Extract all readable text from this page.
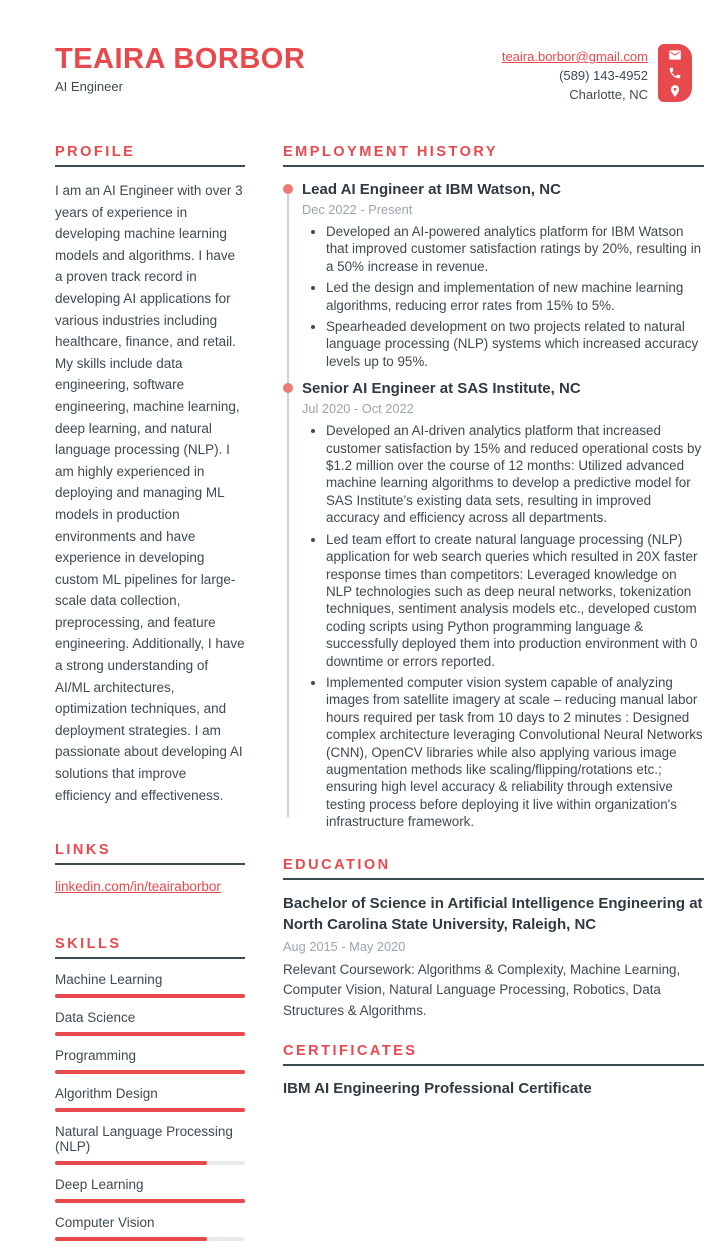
TEAIRA BORBOR
AI Engineer
teaira.borbor@gmail.com
(589) 143-4952
Charlotte, NC
PROFILE

I am an AI Engineer with over 3 years of experience in developing machine learning models and algorithms. I have a proven track record in developing AI applications for various industries including healthcare, finance, and retail. My skills include data engineering, software engineering, machine learning, deep learning, and natural language processing (NLP). I am highly experienced in deploying and managing ML models in production environments and have experience in developing custom ML pipelines for large-scale data collection, preprocessing, and feature engineering. Additionally, I have a strong understanding of AI/ML architectures, optimization techniques, and deployment strategies. I am passionate about developing AI solutions that improve efficiency and effectiveness.

LINKS
linkedin.com/in/teairaborbor
SKILLS
Machine Learning
Data Science
Programming
Algorithm Design
Natural Language Processing (NLP)
Deep Learning
Computer Vision
EMPLOYMENT HISTORY
Lead AI Engineer at IBM Watson, NC
Dec 2022 - Present
• Developed an AI-powered analytics platform for IBM Watson that improved customer satisfaction ratings by 20%, resulting in a 50% increase in revenue.
• Led the design and implementation of new machine learning algorithms, reducing error rates from 15% to 5%.
• Spearheaded development on two projects related to natural language processing (NLP) systems which increased accuracy levels up to 95%.
Senior AI Engineer at SAS Institute, NC
Jul 2020 - Oct 2022
• Developed an AI-driven analytics platform that increased customer satisfaction by 15% and reduced operational costs by $1.2 million over the course of 12 months: Utilized advanced machine learning algorithms to develop a predictive model for SAS Institute’s existing data sets, resulting in improved accuracy and efficiency across all departments.
• Led team effort to create natural language processing (NLP) application for web search queries which resulted in 20X faster response times than competitors: Leveraged knowledge on NLP technologies such as deep neural networks, tokenization techniques, sentiment analysis models etc., developed custom coding scripts using Python programming language & successfully deployed them into production environment with 0 downtime or errors reported.
• Implemented computer vision system capable of analyzing images from satellite imagery at scale – reducing manual labor hours required per task from 10 days to 2 minutes : Designed complex architecture leveraging Convolutional Neural Networks (CNN), OpenCV libraries while also applying various image augmentation methods like scaling/flipping/rotations etc.; ensuring high level accuracy & reliability through extensive testing process before deploying it live within organization's infrastructure framework.
EDUCATION
Bachelor of Science in Artificial Intelligence Engineering at North Carolina State University, Raleigh, NC
Aug 2015 - May 2020

Relevant Coursework: Algorithms & Complexity, Machine Learning, Computer Vision, Natural Language Processing, Robotics, Data Structures & Algorithms.

CERTIFICATES
IBM AI Engineering Professional Certificate
